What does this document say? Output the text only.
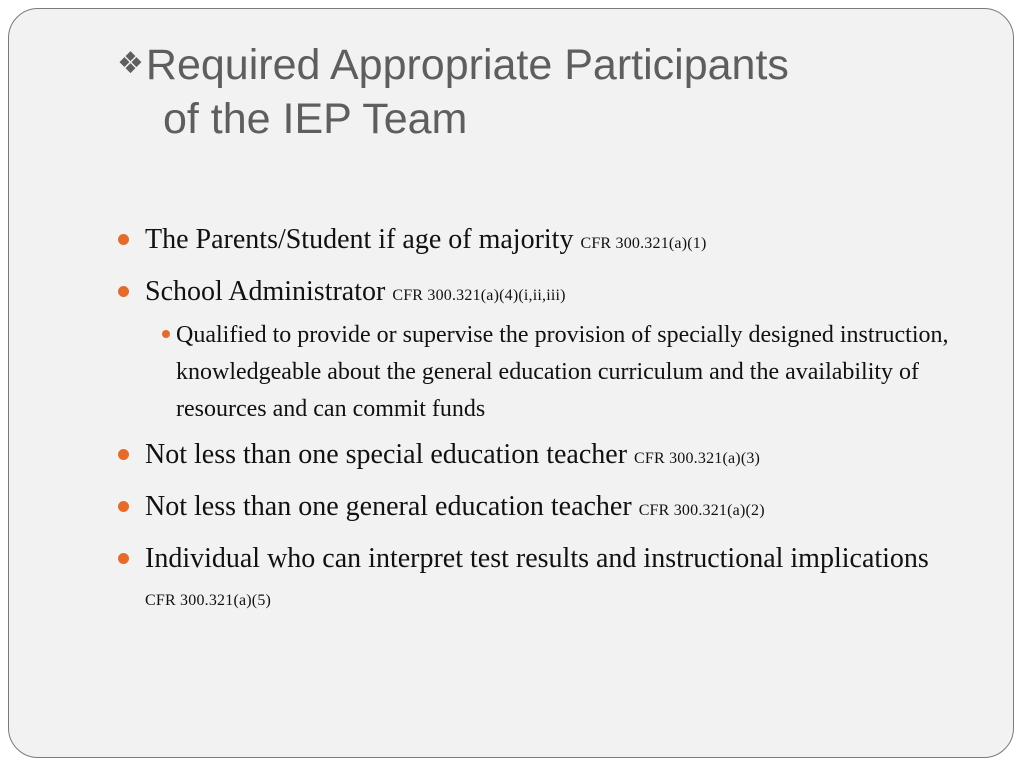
❖Required Appropriate Participants
of the IEP Team
The Parents/Student if age of majority CFR 300.321(a)(1)
School Administrator CFR 300.321(a)(4)(i,ii,iii)
Qualified to provide or supervise the provision of specially designed instruction, knowledgeable about the general education curriculum and the availability of resources and can commit funds
Not less than one special education teacher CFR 300.321(a)(3)
Not less than one general education teacher CFR 300.321(a)(2)
Individual who can interpret test results and instructional implications CFR 300.321(a)(5)
